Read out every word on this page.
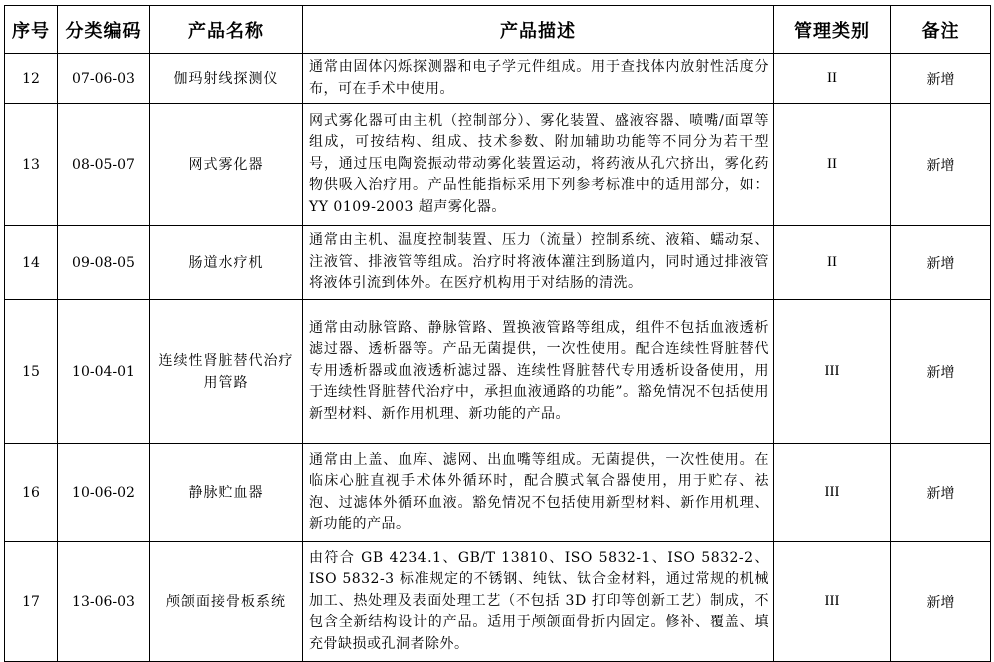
序号	分类编码	产品名称	产品描述	管理类别	备注
12	07-06-03	伽玛射线探测仪	通常由固体闪烁探测器和电子学元件组成。用于查找体内放射性活度分布，可在手术中使用。	II	新增
13	08-05-07	网式雾化器	网式雾化器可由主机（控制部分）、雾化装置、盛液容器、喷嘴/面罩等组成，可按结构、组成、技术参数、附加辅助功能等不同分为若干型号，通过压电陶瓷振动带动雾化装置运动，将药液从孔穴挤出，雾化药物供吸入治疗用。产品性能指标采用下列参考标准中的适用部分，如：YY 0109-2003 超声雾化器。	II	新增
14	09-08-05	肠道水疗机	通常由主机、温度控制装置、压力（流量）控制系统、液箱、蠕动泵、注液管、排液管等组成。治疗时将液体灌注到肠道内，同时通过排液管将液体引流到体外。在医疗机构用于对结肠的清洗。	II	新增
15	10-04-01	连续性肾脏替代治疗用管路	通常由动脉管路、静脉管路、置换液管路等组成，组件不包括血液透析滤过器、透析器等。产品无菌提供，一次性使用。配合连续性肾脏替代专用透析器或血液透析滤过器、连续性肾脏替代专用透析设备使用，用于连续性肾脏替代治疗中，承担血液通路的功能”。豁免情况不包括使用新型材料、新作用机理、新功能的产品。	III	新增
16	10-06-02	静脉贮血器	通常由上盖、血库、滤网、出血嘴等组成。无菌提供，一次性使用。在临床心脏直视手术体外循环时，配合膜式氧合器使用，用于贮存、祛泡、过滤体外循环血液。豁免情况不包括使用新型材料、新作用机理、新功能的产品。	III	新增
17	13-06-03	颅颌面接骨板系统	由符合 GB 4234.1、GB/T 13810、ISO 5832-1、ISO 5832-2、ISO 5832-3 标准规定的不锈钢、纯钛、钛合金材料，通过常规的机械加工、热处理及表面处理工艺（不包括 3D 打印等创新工艺）制成，不包含全新结构设计的产品。适用于颅颌面骨折内固定。修补、覆盖、填充骨缺损或孔洞者除外。	III	新增
